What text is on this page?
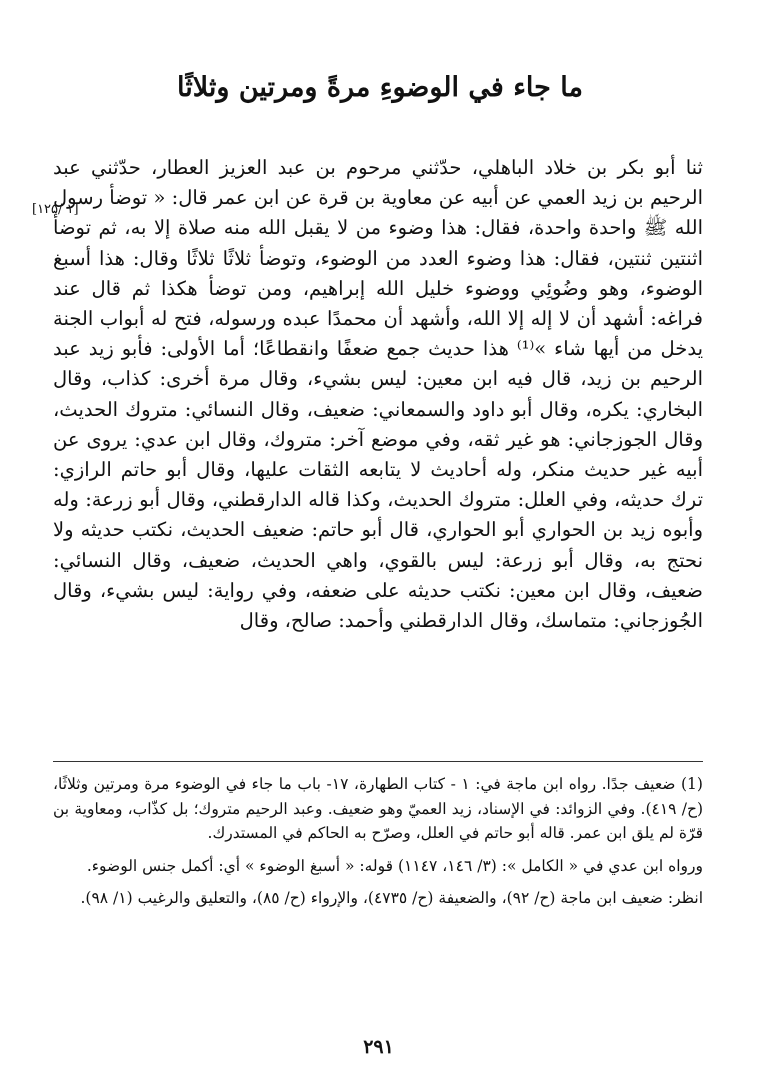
ما جاء في الوضوءِ مرةً ومرتين وثلاثًا
[۱۲۵/ ۱]

ثنا أبو بكر بن خلاد الباهلي، حدّثني مرحوم بن عبد العزيز العطار، حدّثني عبد الرحيم بن زيد العمي عن أبيه عن معاوية بن قرة عن ابن عمر قال: « توضأ رسول الله ﷺ واحدة واحدة، فقال: هذا وضوء من لا يقبل الله منه صلاة إلا به، ثم توضأ اثنتين ثنتين، فقال: هذا وضوء العدد من الوضوء، وتوضأ ثلاثًا ثلاثًا وقال: هذا أسبغ الوضوء، وهو وضُوئِي ووضوء خليل الله إبراهيم، ومن توضأ هكذا ثم قال عند فراغه: أشهد أن لا إله إلا الله، وأشهد أن محمدًا عبده ورسوله، فتح له أبواب الجنة يدخل من أيها شاء »⁽¹⁾ هذا حديث جمع ضعفًا وانقطاعًا؛ أما الأولى: فأبو زيد عبد الرحيم بن زيد، قال فيه ابن معين: ليس بشيء، وقال مرة أخرى: كذاب، وقال البخاري: يكره، وقال أبو داود والسمعاني: ضعيف، وقال النسائي: متروك الحديث، وقال الجوزجاني: هو غير ثقه، وفي موضع آخر: متروك، وقال ابن عدي: يروى عن أبيه غير حديث منكر، وله أحاديث لا يتابعه الثقات عليها، وقال أبو حاتم الرازي: ترك حديثه، وفي العلل: متروك الحديث، وكذا قاله الدارقطني، وقال أبو زرعة: وله وأبوه زيد بن الحواري أبو الحواري، قال أبو حاتم: ضعيف الحديث، نكتب حديثه ولا نحتج به، وقال أبو زرعة: ليس بالقوي، واهي الحديث، ضعيف، وقال النسائي: ضعيف، وقال ابن معين: نكتب حديثه على ضعفه، وفي رواية: ليس بشيء، وقال الجُوزجاني: متماسك، وقال الدارقطني وأحمد: صالح، وقال

(1) ضعيف جدًا. رواه ابن ماجة في: ١ - كتاب الطهارة، ١٧- باب ما جاء في الوضوء مرة ومرتين وثلاثًا، (ح/ ٤١٩). وفي الزوائد: في الإسناد، زيد العميّ وهو ضعيف. وعبد الرحيم متروك؛ بل كذّاب، ومعاوية بن قرّة لم يلق ابن عمر. قاله أبو حاتم في العلل، وصرّح به الحاكم في المستدرك.

ورواه ابن عدي في « الكامل »: (٣/ ١٤٦، ١١٤٧) قوله: « أسبغ الوضوء » أي: أكمل جنس الوضوء.

انظر: ضعيف ابن ماجة (ح/ ٩٢)، والضعيفة (ح/ ٤٧٣٥)، والإرواء (ح/ ٨٥)، والتعليق والرغيب (١/ ٩٨).

٢٩١
